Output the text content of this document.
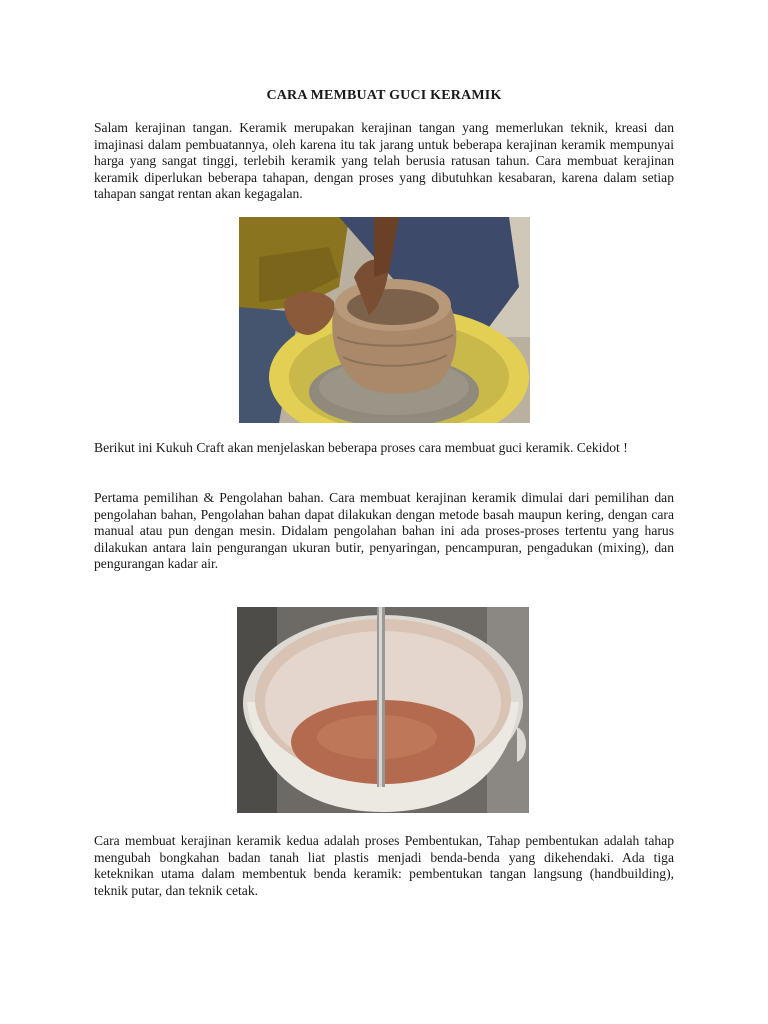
CARA MEMBUAT GUCI KERAMIK

Salam kerajinan tangan. Keramik merupakan kerajinan tangan yang memerlukan teknik, kreasi dan imajinasi dalam pembuatannya, oleh karena itu tak jarang untuk beberapa kerajinan keramik mempunyai harga yang sangat tinggi, terlebih keramik yang telah berusia ratusan tahun. Cara membuat kerajinan keramik diperlukan beberapa tahapan, dengan proses yang dibutuhkan kesabaran, karena dalam setiap tahapan sangat rentan akan kegagalan.

Berikut ini Kukuh Craft akan menjelaskan beberapa proses cara membuat guci keramik. Cekidot !

Pertama pemilihan & Pengolahan bahan. Cara membuat kerajinan keramik dimulai dari pemilihan dan pengolahan bahan, Pengolahan bahan dapat dilakukan dengan metode basah maupun kering, dengan cara manual atau pun dengan mesin. Didalam pengolahan bahan ini ada proses-proses tertentu yang harus dilakukan antara lain pengurangan ukuran butir, penyaringan, pencampuran, pengadukan (mixing), dan pengurangan kadar air.

Cara membuat kerajinan keramik kedua adalah proses Pembentukan, Tahap pembentukan adalah tahap mengubah bongkahan badan tanah liat plastis menjadi benda-benda yang dikehendaki. Ada tiga keteknikan utama dalam membentuk benda keramik: pembentukan tangan langsung (handbuilding), teknik putar, dan teknik cetak.
